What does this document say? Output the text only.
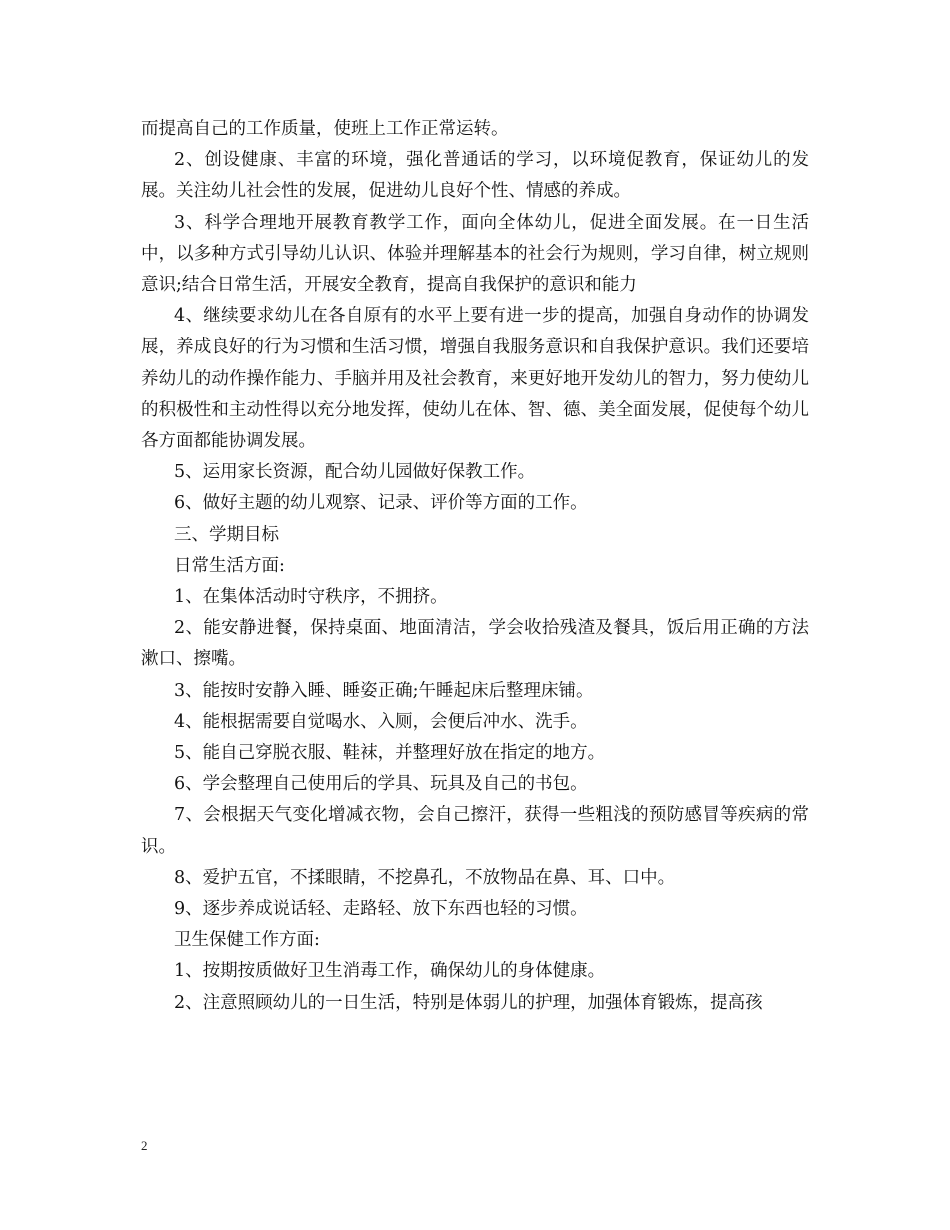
而提高自己的工作质量，使班上工作正常运转。

2、创设健康、丰富的环境，强化普通话的学习，以环境促教育，保证幼儿的发展。关注幼儿社会性的发展，促进幼儿良好个性、情感的养成。

3、科学合理地开展教育教学工作，面向全体幼儿，促进全面发展。在一日生活中，以多种方式引导幼儿认识、体验并理解基本的社会行为规则，学习自律，树立规则意识;结合日常生活，开展安全教育，提高自我保护的意识和能力

4、继续要求幼儿在各自原有的水平上要有进一步的提高，加强自身动作的协调发展，养成良好的行为习惯和生活习惯，增强自我服务意识和自我保护意识。我们还要培养幼儿的动作操作能力、手脑并用及社会教育，来更好地开发幼儿的智力，努力使幼儿的积极性和主动性得以充分地发挥，使幼儿在体、智、德、美全面发展，促使每个幼儿各方面都能协调发展。

5、运用家长资源，配合幼儿园做好保教工作。

6、做好主题的幼儿观察、记录、评价等方面的工作。

三、学期目标

日常生活方面:

1、在集体活动时守秩序，不拥挤。

2、能安静进餐，保持桌面、地面清洁，学会收拾残渣及餐具，饭后用正确的方法漱口、擦嘴。

3、能按时安静入睡、睡姿正确;午睡起床后整理床铺。

4、能根据需要自觉喝水、入厕，会便后冲水、洗手。

5、能自己穿脱衣服、鞋袜，并整理好放在指定的地方。

6、学会整理自己使用后的学具、玩具及自己的书包。

7、会根据天气变化增减衣物，会自己擦汗，获得一些粗浅的预防感冒等疾病的常识。

8、爱护五官，不揉眼睛，不挖鼻孔，不放物品在鼻、耳、口中。

9、逐步养成说话轻、走路轻、放下东西也轻的习惯。

卫生保健工作方面:

1、按期按质做好卫生消毒工作，确保幼儿的身体健康。

2、注意照顾幼儿的一日生活，特别是体弱儿的护理，加强体育锻炼，提高孩

2
